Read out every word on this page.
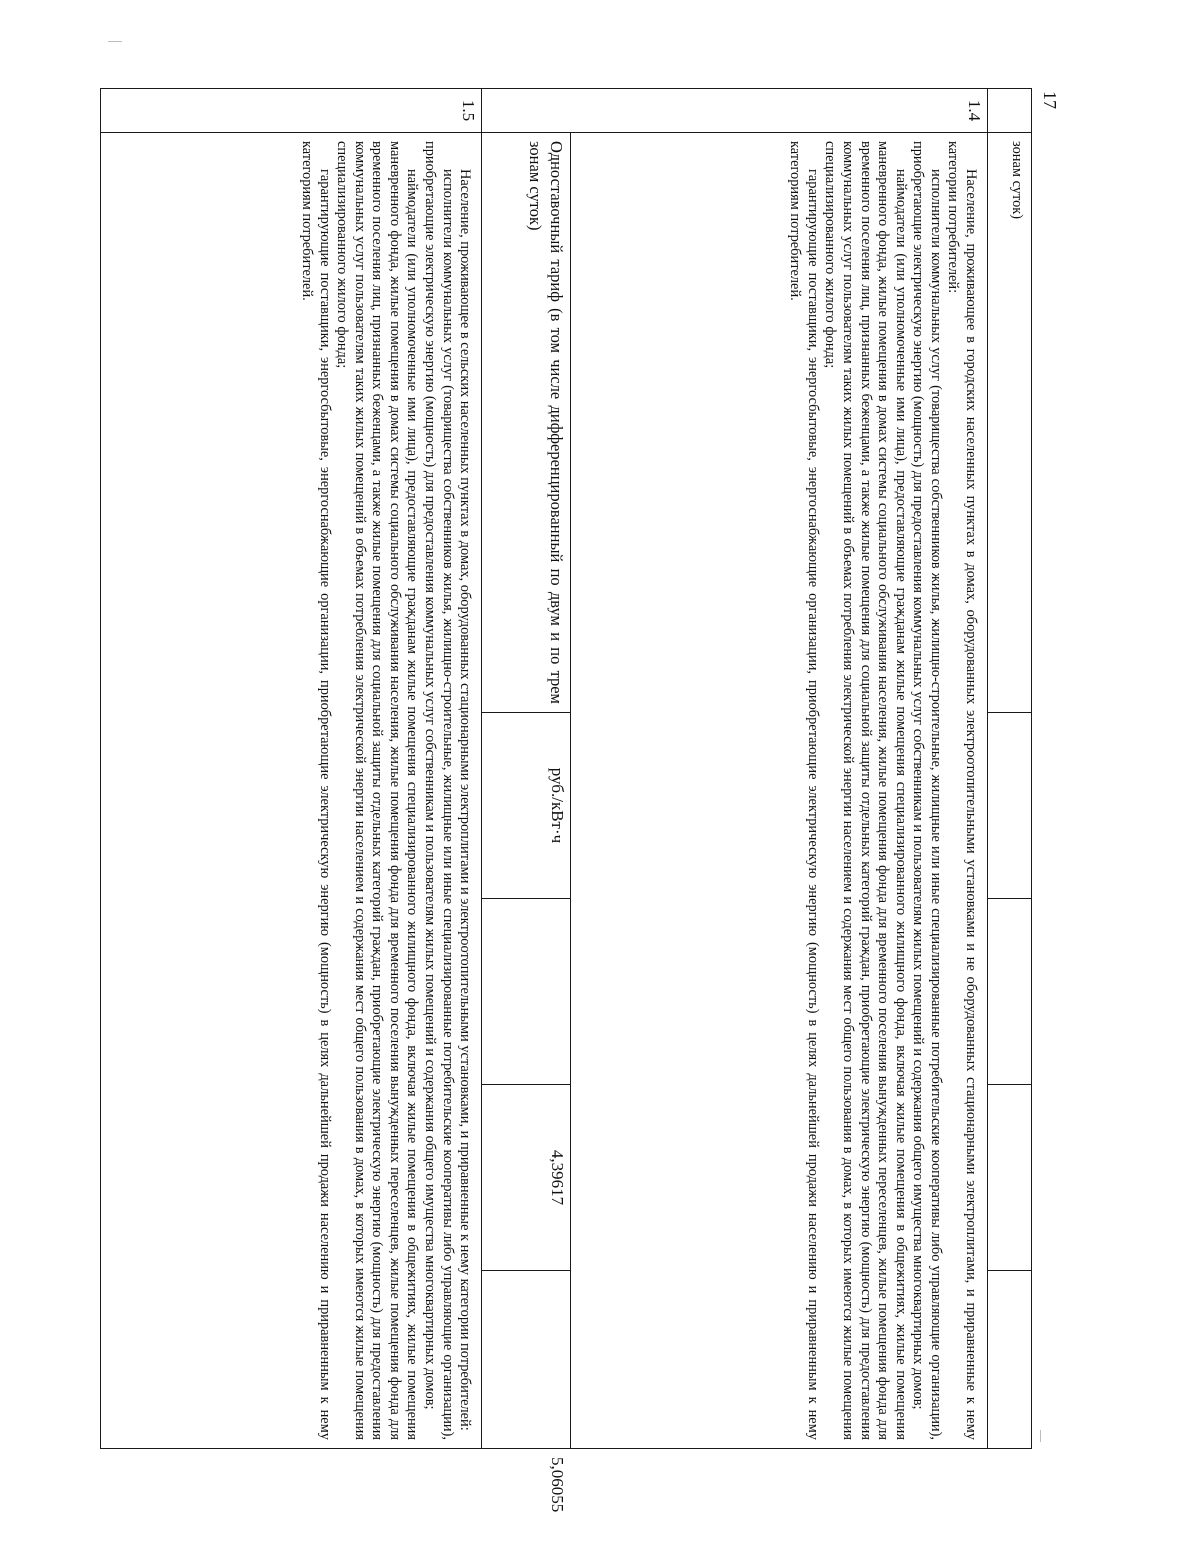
17
	зонам суток)					
1.4	Население, проживающее в городских населенных пунктах в домах, оборудованных электроотопительными установками и не оборудованных стационарными электроплитами, и приравненные к нему категории потребителей:

исполнители коммунальных услуг (товарищества собственников жилья, жилищно-строительные, жилищные или иные специализированные потребительские кооперативы либо управляющие организации), приобретающие электрическую энергию (мощность) для предоставления коммунальных услуг собственникам и пользователям жилых помещений и содержания общего имущества многоквартирных домов;

наймодатели (или уполномоченные ими лица), предоставляющие гражданам жилые помещения специализированного жилищного фонда, включая жилые помещения в общежитиях, жилые помещения маневренного фонда, жилые помещения в домах системы социального обслуживания населения, жилые помещения фонда для временного поселения вынужденных переселенцев, жилые помещения фонда для временного поселения лиц, признанных беженцами, а также жилые помещения для социальной защиты отдельных категорий граждан, приобретающие электрическую энергию (мощность) для предоставления коммунальных услуг пользователям таких жилых помещений в объемах потребления электрической энергии населением и содержания мест общего пользования в домах, в которых имеются жилые помещения специализированного жилого фонда;

гарантирующие поставщики, энергосбытовые, энергоснабжающие организации, приобретающие электрическую энергию (мощность) в целях дальнейшей продажи населению и приравненным к нему категориям потребителей.					

	Одноставочный тариф (в том числе дифференцированный по двум и по трем зонам суток)	руб./кВт·ч		4,39617		5,06055
1.5	Население, проживающее в сельских населенных пунктах в домах, оборудованных стационарными электроплитами и электроотопительными установками, и приравненные к нему категории потребителей:

исполнители коммунальных услуг (товарищества собственников жилья, жилищно-строительные, жилищные или иные специализированные потребительские кооперативы либо управляющие организации), приобретающие электрическую энергию (мощность) для предоставления коммунальных услуг собственникам и пользователям жилых помещений и содержания общего имущества многоквартирных домов;

наймодатели (или уполномоченные ими лица), предоставляющие гражданам жилые помещения специализированного жилищного фонда, включая жилые помещения в общежитиях, жилые помещения маневренного фонда, жилые помещения в домах системы социального обслуживания населения, жилые помещения фонда для временного поселения вынужденных переселенцев, жилые помещения фонда для временного поселения лиц, признанных беженцами, а также жилые помещения для социальной защиты отдельных категорий граждан, приобретающие электрическую энергию (мощность) для предоставления коммунальных услуг пользователям таких жилых помещений в объемах потребления электрической энергии населением и содержания мест общего пользования в домах, в которых имеются жилые помещения специализированного жилого фонда;

гарантирующие поставщики, энергосбытовые, энергоснабжающие организации, приобретающие электрическую энергию (мощность) в целях дальнейшей продажи населению и приравненным к нему категориям потребителей.					
